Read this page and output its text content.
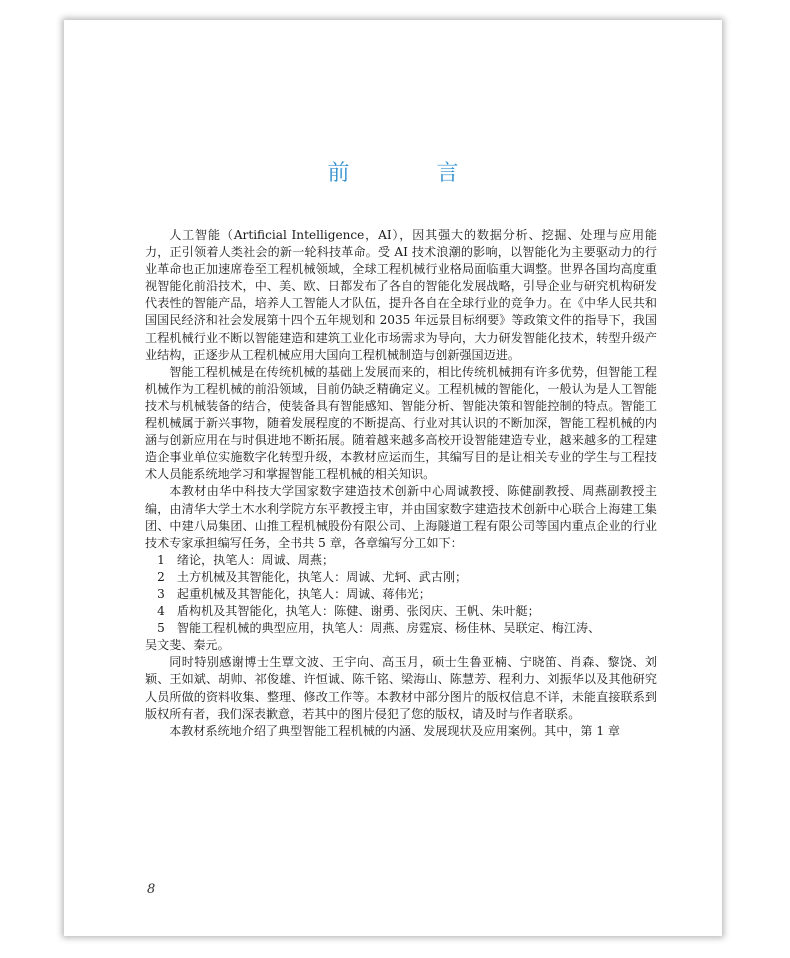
前 言

人工智能（Artificial Intelligence，AI），因其强大的数据分析、挖掘、处理与应用能力，正引领着人类社会的新一轮科技革命。受 AI 技术浪潮的影响，以智能化为主要驱动力的行业革命也正加速席卷至工程机械领域，全球工程机械行业格局面临重大调整。世界各国均高度重视智能化前沿技术，中、美、欧、日都发布了各自的智能化发展战略，引导企业与研究机构研发代表性的智能产品，培养人工智能人才队伍，提升各自在全球行业的竞争力。在《中华人民共和国国民经济和社会发展第十四个五年规划和 2035 年远景目标纲要》等政策文件的指导下，我国工程机械行业不断以智能建造和建筑工业化市场需求为导向，大力研发智能化技术，转型升级产业结构，正逐步从工程机械应用大国向工程机械制造与创新强国迈进。

智能工程机械是在传统机械的基础上发展而来的，相比传统机械拥有许多优势，但智能工程机械作为工程机械的前沿领域，目前仍缺乏精确定义。工程机械的智能化，一般认为是人工智能技术与机械装备的结合，使装备具有智能感知、智能分析、智能决策和智能控制的特点。智能工程机械属于新兴事物，随着发展程度的不断提高、行业对其认识的不断加深，智能工程机械的内涵与创新应用在与时俱进地不断拓展。随着越来越多高校开设智能建造专业，越来越多的工程建造企事业单位实施数字化转型升级，本教材应运而生，其编写目的是让相关专业的学生与工程技术人员能系统地学习和掌握智能工程机械的相关知识。

本教材由华中科技大学国家数字建造技术创新中心周诚教授、陈健副教授、周燕副教授主编，由清华大学土木水利学院方东平教授主审，并由国家数字建造技术创新中心联合上海建工集团、中建八局集团、山推工程机械股份有限公司、上海隧道工程有限公司等国内重点企业的行业技术专家承担编写任务，全书共 5 章，各章编写分工如下：

1　绪论，执笔人：周诚、周燕；
2　土方机械及其智能化，执笔人：周诚、尤轲、武古刚；
3　起重机械及其智能化，执笔人：周诚、蒋伟光；
4　盾构机及其智能化，执笔人：陈健、谢勇、张闵庆、王帆、朱叶艇；
5　智能工程机械的典型应用，执笔人：周燕、房霆宸、杨佳林、吴联定、梅江涛、
吴文斐、秦元。

同时特别感谢博士生覃文波、王宇向、高玉月，硕士生鲁亚楠、宁晓笛、肖森、黎饶、刘颖、王如斌、胡帅、祁俊雄、许恒诚、陈千铭、梁海山、陈慧芳、程利力、刘振华以及其他研究人员所做的资料收集、整理、修改工作等。本教材中部分图片的版权信息不详，未能直接联系到版权所有者，我们深表歉意，若其中的图片侵犯了您的版权，请及时与作者联系。

本教材系统地介绍了典型智能工程机械的内涵、发展现状及应用案例。其中，第 1 章

8
